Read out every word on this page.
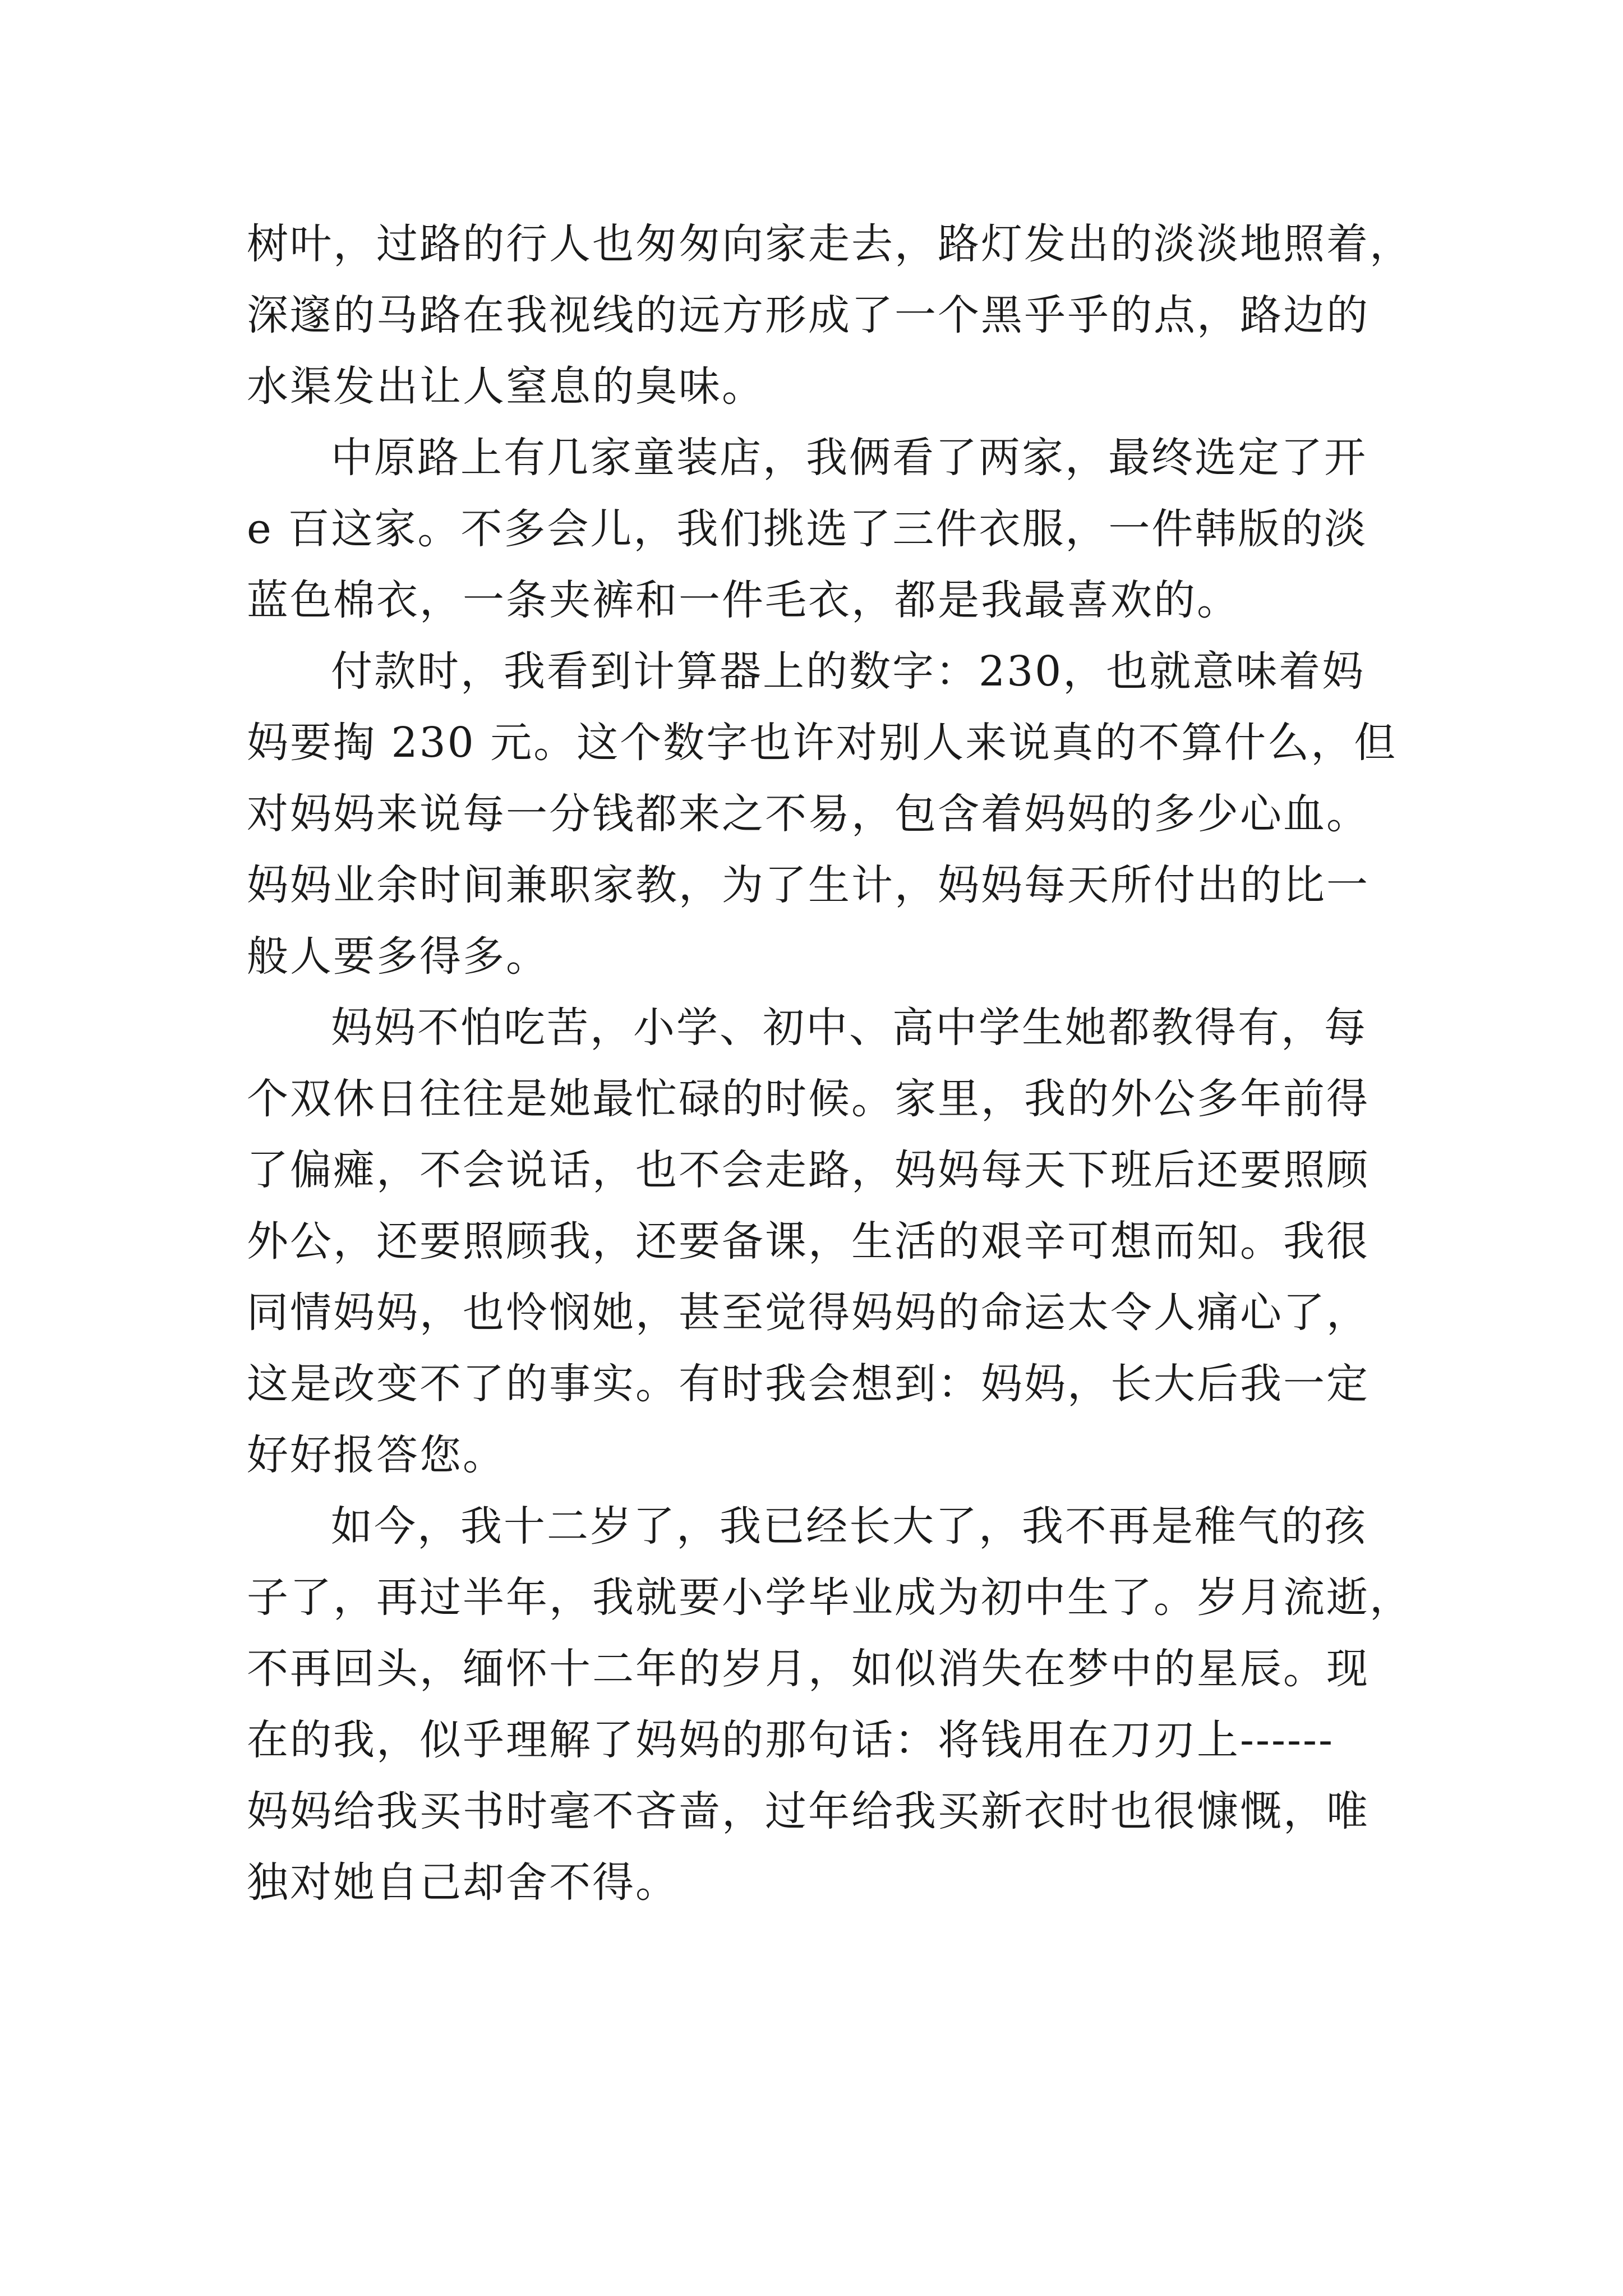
树叶，过路的行人也匆匆向家走去，路灯发出的淡淡地照着，
深邃的马路在我视线的远方形成了一个黑乎乎的点，路边的
水渠发出让人窒息的臭味。
中原路上有几家童装店，我俩看了两家，最终选定了开
e 百这家。不多会儿，我们挑选了三件衣服，一件韩版的淡
蓝色棉衣，一条夹裤和一件毛衣，都是我最喜欢的。
付款时，我看到计算器上的数字：230，也就意味着妈
妈要掏 230 元。这个数字也许对别人来说真的不算什么，但
对妈妈来说每一分钱都来之不易，包含着妈妈的多少心血。
妈妈业余时间兼职家教，为了生计，妈妈每天所付出的比一
般人要多得多。
妈妈不怕吃苦，小学、初中、高中学生她都教得有，每
个双休日往往是她最忙碌的时候。家里，我的外公多年前得
了偏瘫，不会说话，也不会走路，妈妈每天下班后还要照顾
外公，还要照顾我，还要备课，生活的艰辛可想而知。我很
同情妈妈，也怜悯她，甚至觉得妈妈的命运太令人痛心了，
这是改变不了的事实。有时我会想到：妈妈，长大后我一定
好好报答您。
如今，我十二岁了，我已经长大了，我不再是稚气的孩
子了，再过半年，我就要小学毕业成为初中生了。岁月流逝，
不再回头，缅怀十二年的岁月，如似消失在梦中的星辰。现
在的我，似乎理解了妈妈的那句话：将钱用在刀刃上------
妈妈给我买书时毫不吝啬，过年给我买新衣时也很慷慨，唯
独对她自己却舍不得。
